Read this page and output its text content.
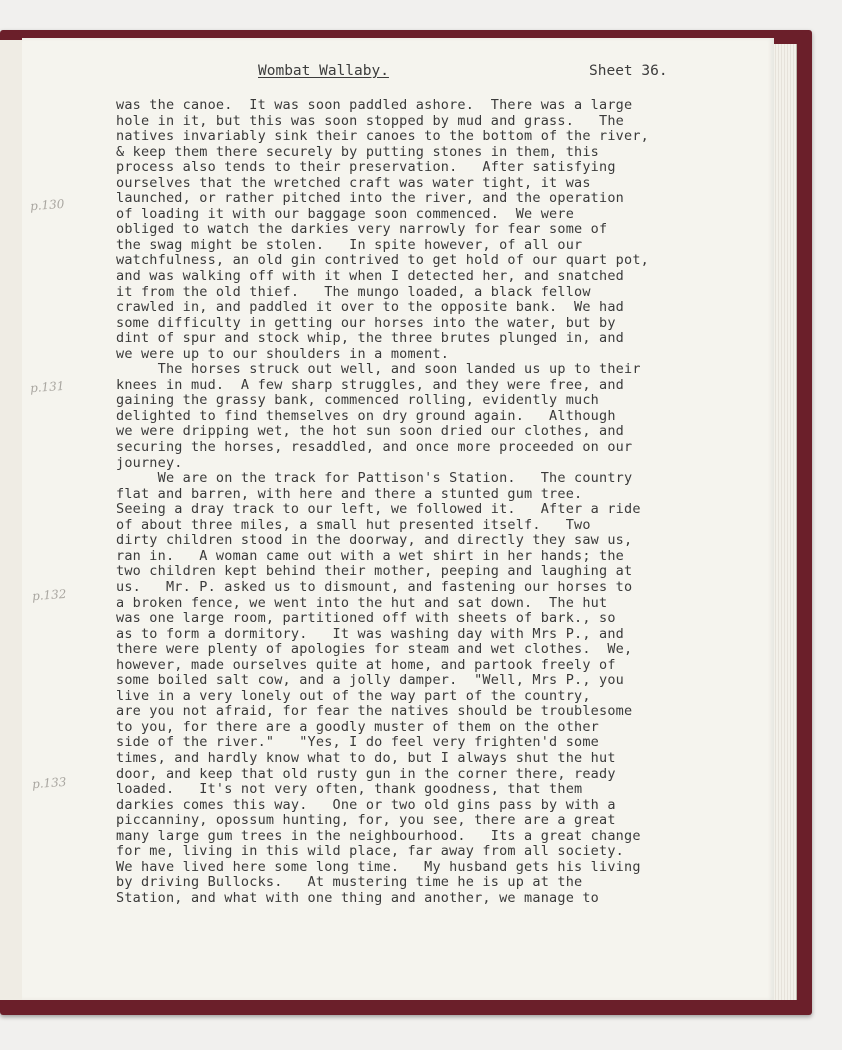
Wombat Wallaby.	Sheet 36.
p.130
p.131
p.132
p.133
was the canoe.  It was soon paddled ashore.  There was a large
hole in it, but this was soon stopped by mud and grass.   The
natives invariably sink their canoes to the bottom of the river,
& keep them there securely by putting stones in them, this
process also tends to their preservation.   After satisfying
ourselves that the wretched craft was water tight, it was
launched, or rather pitched into the river, and the operation
of loading it with our baggage soon commenced.  We were
obliged to watch the darkies very narrowly for fear some of
the swag might be stolen.   In spite however, of all our
watchfulness, an old gin contrived to get hold of our quart pot,
and was walking off with it when I detected her, and snatched
it from the old thief.   The mungo loaded, a black fellow
crawled in, and paddled it over to the opposite bank.  We had
some difficulty in getting our horses into the water, but by
dint of spur and stock whip, the three brutes plunged in, and
we were up to our shoulders in a moment.
The horses struck out well, and soon landed us up to their
knees in mud.  A few sharp struggles, and they were free, and
gaining the grassy bank, commenced rolling, evidently much
delighted to find themselves on dry ground again.   Although
we were dripping wet, the hot sun soon dried our clothes, and
securing the horses, resaddled, and once more proceeded on our
journey.
We are on the track for Pattison's Station.   The country
flat and barren, with here and there a stunted gum tree.
Seeing a dray track to our left, we followed it.   After a ride
of about three miles, a small hut presented itself.   Two
dirty children stood in the doorway, and directly they saw us,
ran in.   A woman came out with a wet shirt in her hands; the
two children kept behind their mother, peeping and laughing at
us.   Mr. P. asked us to dismount, and fastening our horses to
a broken fence, we went into the hut and sat down.  The hut
was one large room, partitioned off with sheets of bark., so
as to form a dormitory.   It was washing day with Mrs P., and
there were plenty of apologies for steam and wet clothes.  We,
however, made ourselves quite at home, and partook freely of
some boiled salt cow, and a jolly damper.  "Well, Mrs P., you
live in a very lonely out of the way part of the country,
are you not afraid, for fear the natives should be troublesome
to you, for there are a goodly muster of them on the other
side of the river."   "Yes, I do feel very frighten'd some
times, and hardly know what to do, but I always shut the hut
door, and keep that old rusty gun in the corner there, ready
loaded.   It's not very often, thank goodness, that them
darkies comes this way.   One or two old gins pass by with a
piccanniny, opossum hunting, for, you see, there are a great
many large gum trees in the neighbourhood.   Its a great change
for me, living in this wild place, far away from all society.
We have lived here some long time.   My husband gets his living
by driving Bullocks.   At mustering time he is up at the
Station, and what with one thing and another, we manage to
